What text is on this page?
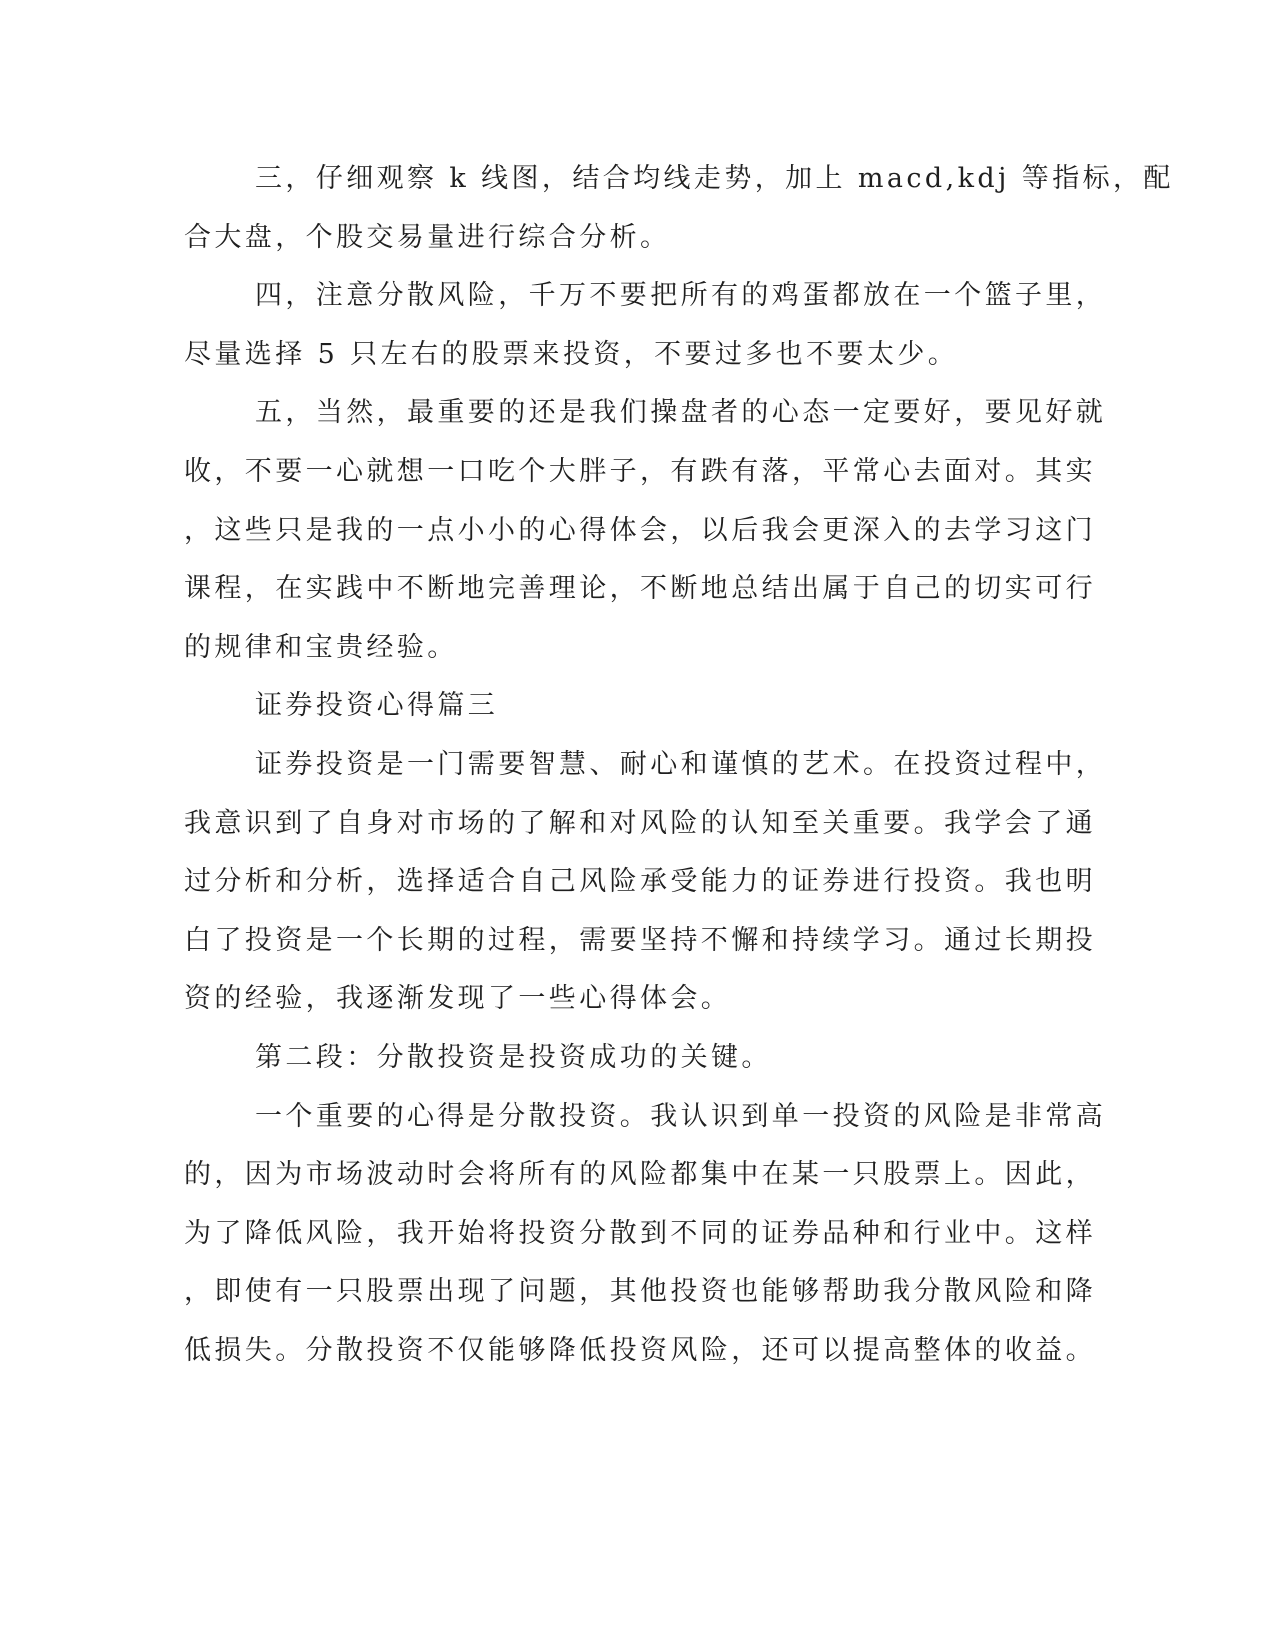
三，仔细观察 k 线图，结合均线走势，加上 macd,kdj 等指标，配
合大盘，个股交易量进行综合分析。
四，注意分散风险，千万不要把所有的鸡蛋都放在一个篮子里，
尽量选择 5 只左右的股票来投资，不要过多也不要太少。
五，当然，最重要的还是我们操盘者的心态一定要好，要见好就
收，不要一心就想一口吃个大胖子，有跌有落，平常心去面对。其实
，这些只是我的一点小小的心得体会，以后我会更深入的去学习这门
课程，在实践中不断地完善理论，不断地总结出属于自己的切实可行
的规律和宝贵经验。
证券投资心得篇三
证券投资是一门需要智慧、耐心和谨慎的艺术。在投资过程中，
我意识到了自身对市场的了解和对风险的认知至关重要。我学会了通
过分析和分析，选择适合自己风险承受能力的证券进行投资。我也明
白了投资是一个长期的过程，需要坚持不懈和持续学习。通过长期投
资的经验，我逐渐发现了一些心得体会。
第二段：分散投资是投资成功的关键。
一个重要的心得是分散投资。我认识到单一投资的风险是非常高
的，因为市场波动时会将所有的风险都集中在某一只股票上。因此，
为了降低风险，我开始将投资分散到不同的证券品种和行业中。这样
，即使有一只股票出现了问题，其他投资也能够帮助我分散风险和降
低损失。分散投资不仅能够降低投资风险，还可以提高整体的收益。
